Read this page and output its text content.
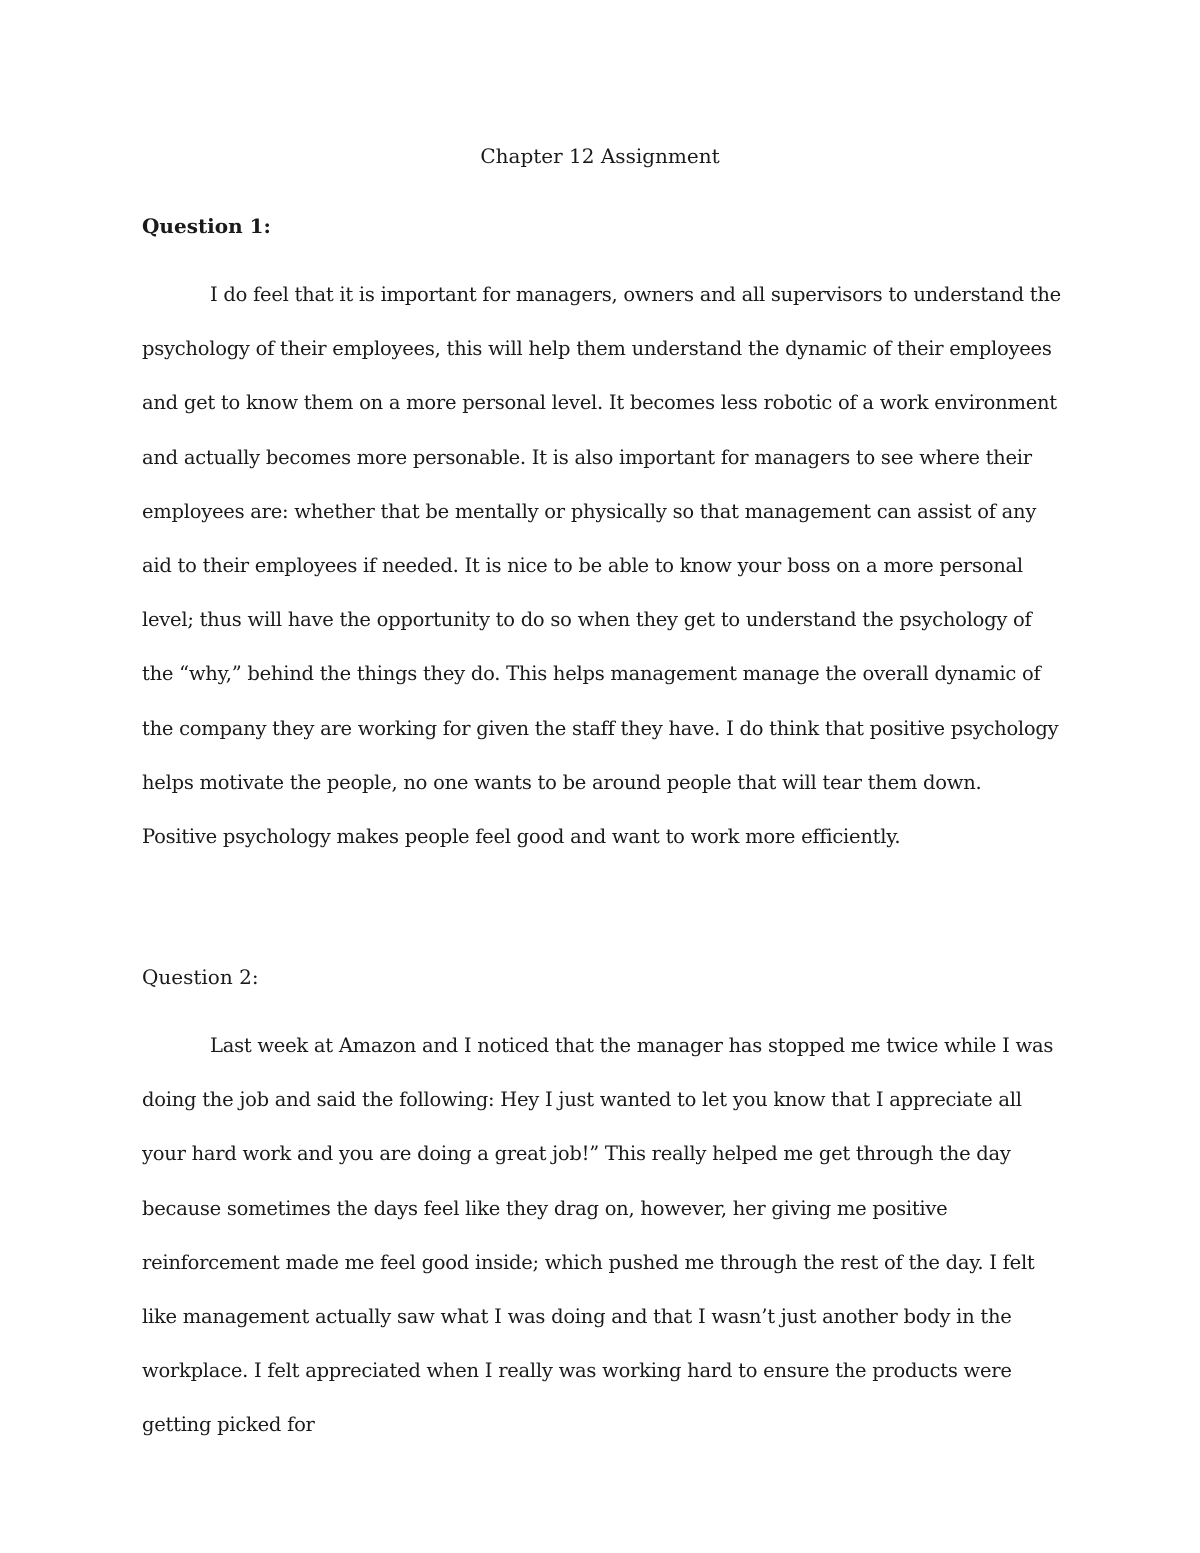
Chapter 12 Assignment
Question 1:

I do feel that it is important for managers, owners and all supervisors to understand the psychology of their employees, this will help them understand the dynamic of their employees and get to know them on a more personal level. It becomes less robotic of a work environment and actually becomes more personable. It is also important for managers to see where their employees are: whether that be mentally or physically so that management can assist of any aid to their employees if needed. It is nice to be able to know your boss on a more personal level; thus will have the opportunity to do so when they get to understand the psychology of the “why,” behind the things they do. This helps management manage the overall dynamic of the company they are working for given the staff they have. I do think that positive psychology helps motivate the people, no one wants to be around people that will tear them down. Positive psychology makes people feel good and want to work more efficiently.

Question 2:

Last week at Amazon and I noticed that the manager has stopped me twice while I was doing the job and said the following: Hey I just wanted to let you know that I appreciate all your hard work and you are doing a great job!” This really helped me get through the day because sometimes the days feel like they drag on, however, her giving me positive reinforcement made me feel good inside; which pushed me through the rest of the day. I felt like management actually saw what I was doing and that I wasn’t just another body in the workplace. I felt appreciated when I really was working hard to ensure the products were getting picked for
